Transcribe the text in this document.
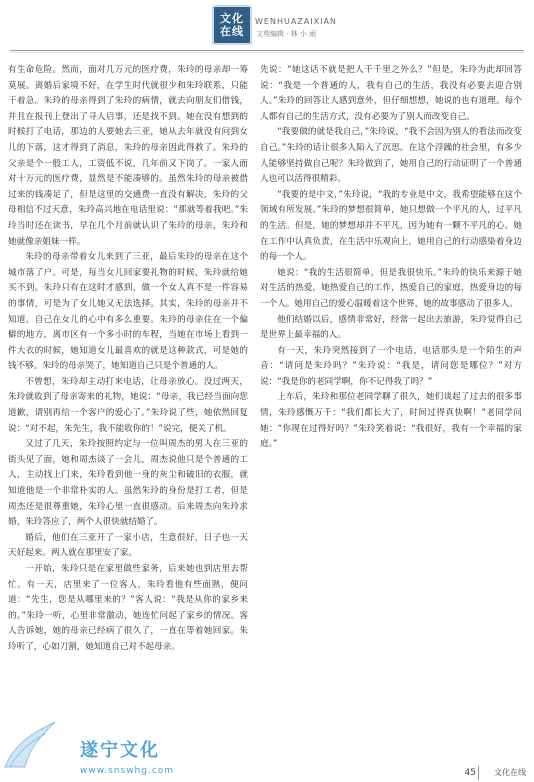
文化
在线
WENHUAZAIXIAN
文苑编辑 · 林 小 雨

有生命危险。然而，面对几万元的医疗费，朱玲的母亲却一筹莫展。离婚后家境不好，在学生时代就很少和朱玲联系，只能干着急。朱玲的母亲得到了朱玲的病情，就去向朋友们借钱，并且在报刊上登出了寻人启事，还是找不到。她在没有想到的时候打了电话，那边的人要她去三亚，她从去年就没有问到女儿的下落，这才得到了消息，朱玲的母亲因此得救了。朱玲的父亲是个一般工人，工资低不说，几年前又下岗了。一家人面对十万元的医疗费，显然是不能凑够的。虽然朱玲的母亲被借过来的钱凑足了，但是这里的交通费一直没有解决，朱玲的父母相信不过天意，朱玲高兴地在电话里说：“那就等着我吧。”朱玲当时还在读书，早在几个月前就认识了朱玲的母亲，朱玲和她就像亲姐妹一样。

朱玲的母亲带着女儿来到了三亚，最后朱玲的母亲在这个城市落了户。可是，每当女儿回家要礼物的时候，朱玲就给她买不到。朱玲只有在这时才感到，做一个女人真不是一件容易的事情，可是为了女儿她又无法选择。其实，朱玲的母亲并不知道，自己在女儿的心中有多么重要。朱玲的母亲住在一个偏僻的地方，离市区有一个多小时的车程，当她在市场上看到一件大衣的时候，她知道女儿最喜欢的就是这种款式，可是她的钱不够。朱玲的母亲哭了，她知道自己只是个普通的人。

不曾想，朱玲却主动打来电话，让母亲放心。没过两天，朱玲就收到了母亲寄来的礼物，她说：“母亲，我已经当面向您道歉，请别再给一个客户的爱心了。”朱玲说了些，她依然回复说：“对不起，朱先生，我不能收你的！”说完，便关了机。

又过了几天，朱玲按照约定与一位叫周杰的男人在三亚的街头见了面，她和周杰谈了一会儿，周杰说他只是个普通的工人，主动找上门来，朱玲看到他一身的灰尘和破旧的衣服，就知道他是一个非常朴实的人。虽然朱玲的身份是打工者，但是周杰还是很尊重她，朱玲心里一直很感动。后来周杰向朱玲求婚，朱玲答应了，两个人很快就结婚了。

婚后，他们在三亚开了一家小店，生意很好，日子也一天天好起来。两人就在那里安了家。

一开始，朱玲只是在家里做些家务，后来她也到店里去帮忙。有一天，店里来了一位客人，朱玲看他有些面熟，便问道：“先生，您是从哪里来的？”客人说：“我是从你的家乡来的。”朱玲一听，心里非常激动，她连忙问起了家乡的情况。客人告诉她，她的母亲已经病了很久了，一直在等着她回家。朱玲听了，心如刀割，她知道自己对不起母亲。

先说：“她这话不就是把人千千里之外么？”但是，朱玲为此却回答说：“我是一个普通的人，我有自己的生活，我没有必要去迎合别人。”朱玲的回答让人感到意外，但仔细想想，她说的也有道理。每个人都有自己的生活方式，没有必要为了别人而改变自己。

“我要做的就是我自己，”朱玲说，“我不会因为别人的看法而改变自己。”朱玲的话让很多人陷入了沉思。在这个浮躁的社会里，有多少人能够坚持做自己呢？朱玲做到了，她用自己的行动证明了一个普通人也可以活得很精彩。

“我要的是中文，”朱玲说，“我的专业是中文，我希望能够在这个领域有所发展。”朱玲的梦想很简单，她只想做一个平凡的人，过平凡的生活。但是，她的梦想却并不平凡，因为她有一颗不平凡的心。她在工作中认真负责，在生活中乐观向上，她用自己的行动感染着身边的每一个人。

她说：“我的生活很简单，但是我很快乐。”朱玲的快乐来源于她对生活的热爱，她热爱自己的工作，热爱自己的家庭，热爱身边的每一个人。她用自己的爱心温暖着这个世界，她的故事感动了很多人。

他们结婚以后，感情非常好，经常一起出去旅游，朱玲觉得自己是世界上最幸福的人。

有一天，朱玲突然接到了一个电话，电话那头是一个陌生的声音：“请问是朱玲吗？”朱玲说：“我是，请问您是哪位？”对方说：“我是你的老同学啊，你不记得我了吗？”

上车后，朱玲和那位老同学聊了很久，她们谈起了过去的很多事情，朱玲感慨万千：“我们都长大了，时间过得真快啊！”老同学问她：“你现在过得好吗？”朱玲笑着说：“我很好，我有一个幸福的家庭。”

遂宁文化
www.snswhg.com	45 文化在线
